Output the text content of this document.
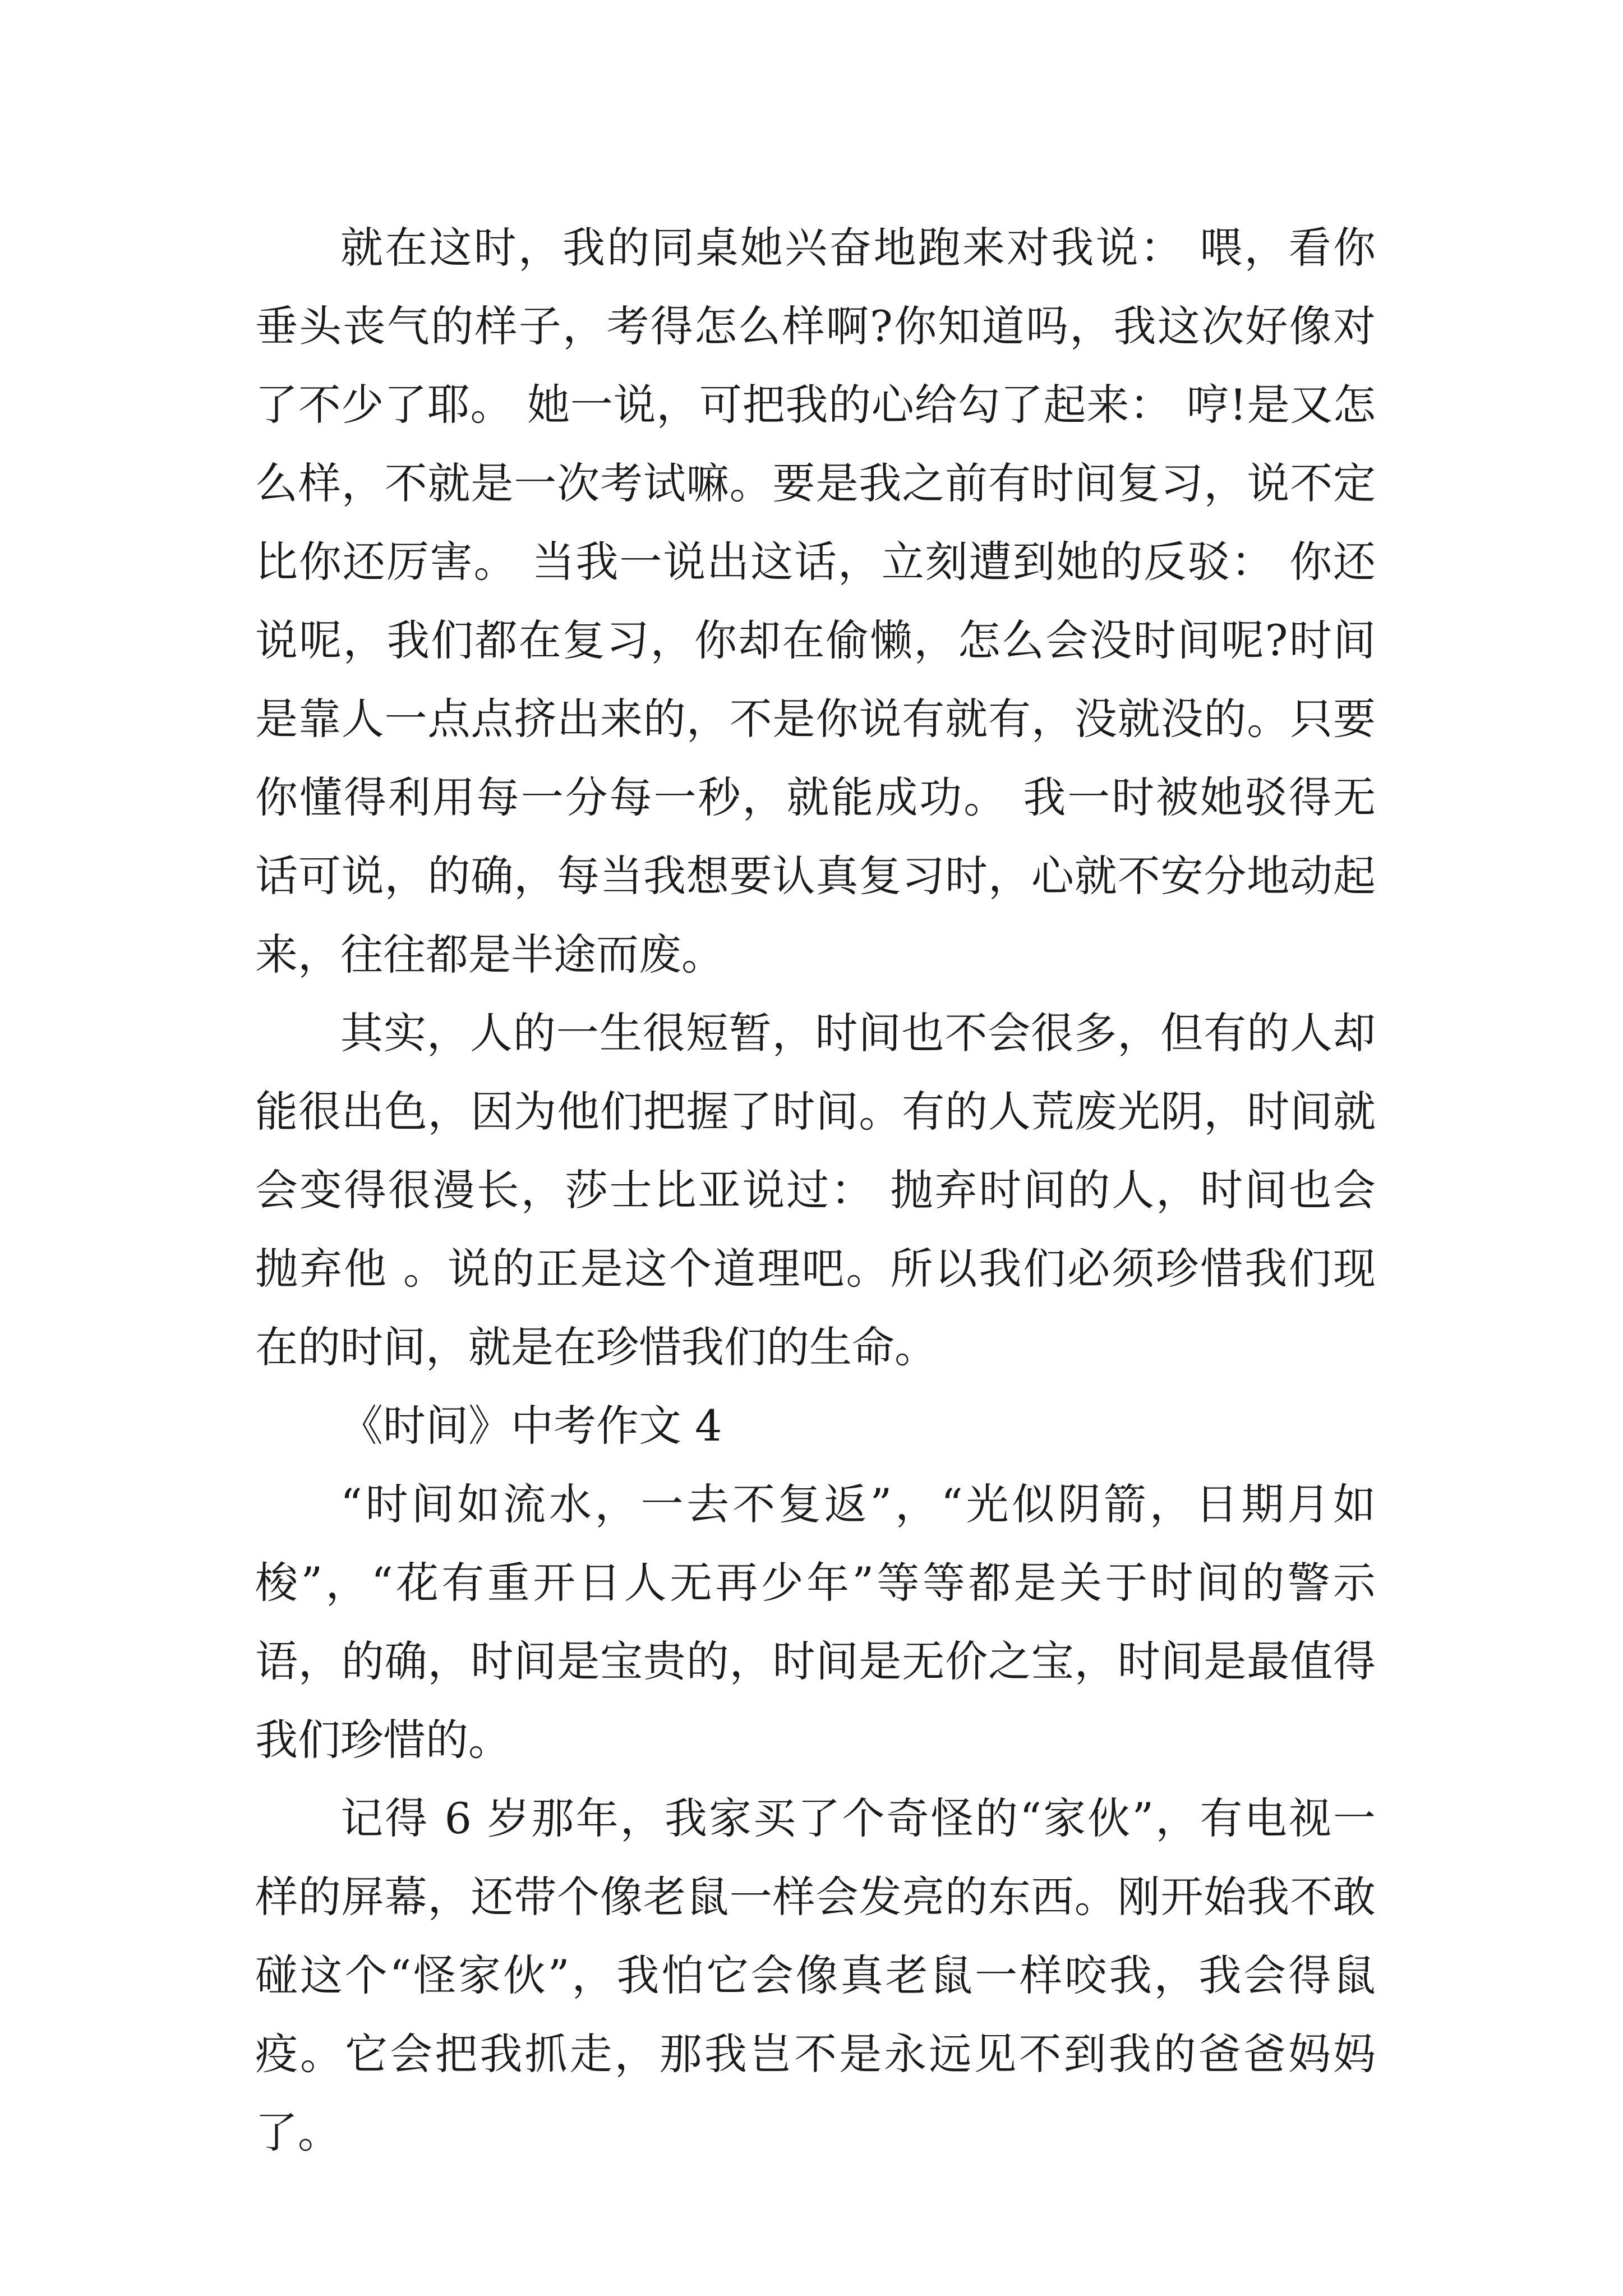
就在这时，我的同桌她兴奋地跑来对我说： 喂，看你垂头丧气的样子，考得怎么样啊?你知道吗，我这次好像对了不少了耶。 她一说，可把我的心给勾了起来： 哼!是又怎么样，不就是一次考试嘛。要是我之前有时间复习，说不定比你还厉害。 当我一说出这话，立刻遭到她的反驳： 你还说呢，我们都在复习，你却在偷懒，怎么会没时间呢?时间是靠人一点点挤出来的，不是你说有就有，没就没的。只要你懂得利用每一分每一秒，就能成功。 我一时被她驳得无话可说，的确，每当我想要认真复习时，心就不安分地动起来，往往都是半途而废。

其实，人的一生很短暂，时间也不会很多，但有的人却能很出色，因为他们把握了时间。有的人荒废光阴，时间就会变得很漫长，莎士比亚说过： 抛弃时间的人，时间也会抛弃他 。说的正是这个道理吧。所以我们必须珍惜我们现在的时间，就是在珍惜我们的生命。

《时间》中考作文 4

“时间如流水，一去不复返”，“光似阴箭，日期月如梭”，“花有重开日人无再少年”等等都是关于时间的警示语，的确，时间是宝贵的，时间是无价之宝，时间是最值得我们珍惜的。

记得 6 岁那年，我家买了个奇怪的“家伙”，有电视一样的屏幕，还带个像老鼠一样会发亮的东西。刚开始我不敢碰这个“怪家伙”，我怕它会像真老鼠一样咬我，我会得鼠疫。它会把我抓走，那我岂不是永远见不到我的爸爸妈妈了。
